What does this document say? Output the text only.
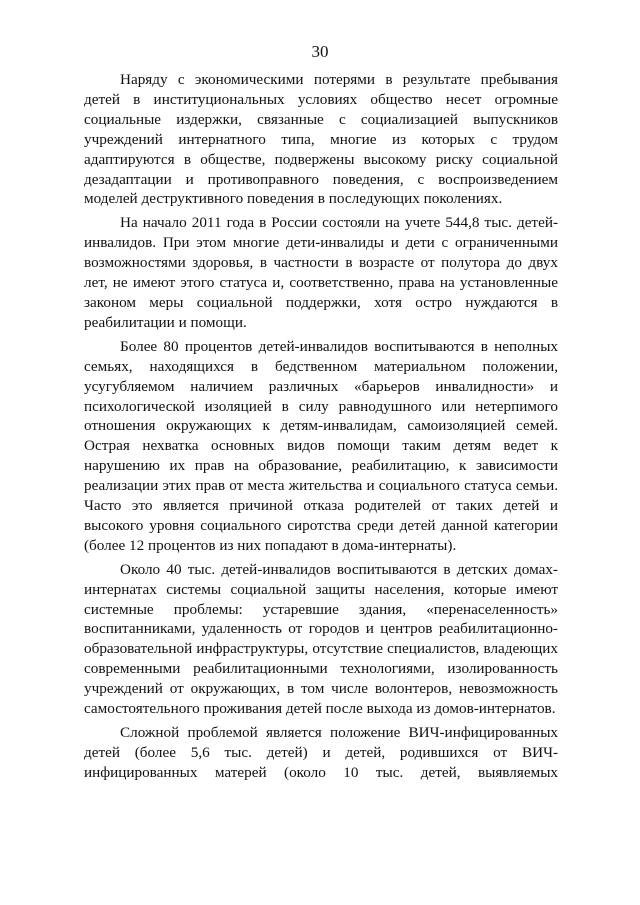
30

Наряду с экономическими потерями в результате пребывания детей в институциональных условиях общество несет огромные социальные издержки, связанные с социализацией выпускников учреждений интернатного типа, многие из которых с трудом адаптируются в обществе, подвержены высокому риску социальной дезадаптации и противоправного поведения, с воспроизведением моделей деструктивного поведения в последующих поколениях.

На начало 2011 года в России состояли на учете 544,8 тыс. детей-инвалидов. При этом многие дети-инвалиды и дети с ограниченными возможностями здоровья, в частности в возрасте от полутора до двух лет, не имеют этого статуса и, соответственно, права на установленные законом меры социальной поддержки, хотя остро нуждаются в реабилитации и помощи.

Более 80 процентов детей-инвалидов воспитываются в неполных семьях, находящихся в бедственном материальном положении, усугубляемом наличием различных «барьеров инвалидности» и психологической изоляцией в силу равнодушного или нетерпимого отношения окружающих к детям-инвалидам, самоизоляцией семей. Острая нехватка основных видов помощи таким детям ведет к нарушению их прав на образование, реабилитацию, к зависимости реализации этих прав от места жительства и социального статуса семьи. Часто это является причиной отказа родителей от таких детей и высокого уровня социального сиротства среди детей данной категории (более 12 процентов из них попадают в дома-интернаты).

Около 40 тыс. детей-инвалидов воспитываются в детских домах-интернатах системы социальной защиты населения, которые имеют системные проблемы: устаревшие здания, «перенаселенность» воспитанниками, удаленность от городов и центров реабилитационно-образовательной инфраструктуры, отсутствие специалистов, владеющих современными реабилитационными технологиями, изолированность учреждений от окружающих, в том числе волонтеров, невозможность самостоятельного проживания детей после выхода из домов-интернатов.

Сложной проблемой является положение ВИЧ-инфицированных детей (более 5,6 тыс. детей) и детей, родившихся от ВИЧ-инфицированных матерей (около 10 тыс. детей, выявляемых
